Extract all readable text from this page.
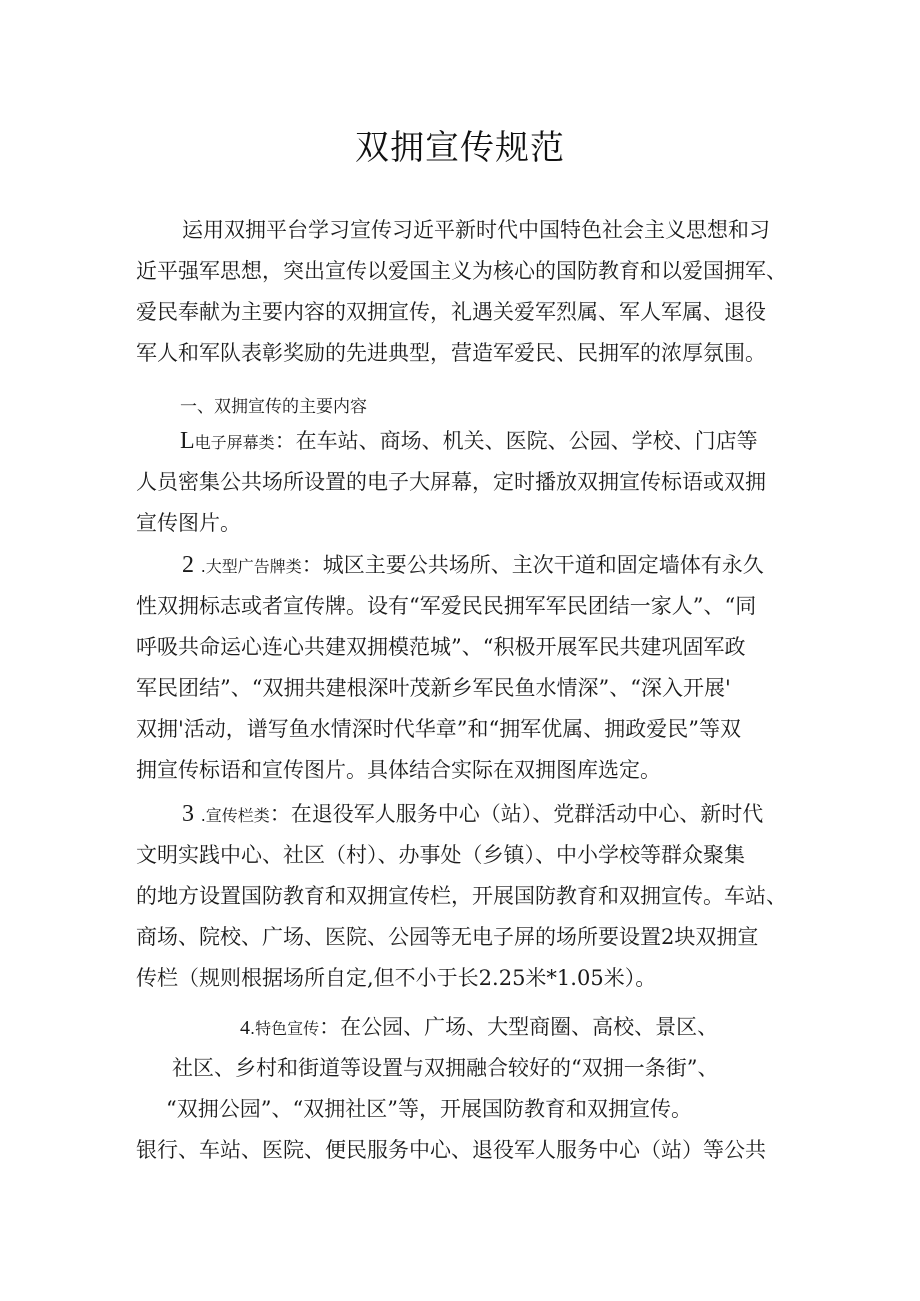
双拥宣传规范
运用双拥平台学习宣传习近平新时代中国特色社会主义思想和习
近平强军思想，突出宣传以爱国主义为核心的国防教育和以爱国拥军、
爱民奉献为主要内容的双拥宣传，礼遇关爱军烈属、军人军属、退役
军人和军队表彰奖励的先进典型，营造军爱民、民拥军的浓厚氛围。
一、双拥宣传的主要内容
L电子屏幕类：在车站、商场、机关、医院、公园、学校、门店等
人员密集公共场所设置的电子大屏幕，定时播放双拥宣传标语或双拥
宣传图片。
2 .大型广告牌类：城区主要公共场所、主次干道和固定墙体有永久
性双拥标志或者宣传牌。设有“军爱民民拥军军民团结一家人”、“同
呼吸共命运心连心共建双拥模范城”、“积极开展军民共建巩固军政
军民团结”、“双拥共建根深叶茂新乡军民鱼水情深”、“深入开展'
双拥'活动，谱写鱼水情深时代华章”和“拥军优属、拥政爱民”等双
拥宣传标语和宣传图片。具体结合实际在双拥图库选定。
3 .宣传栏类：在退役军人服务中心（站）、党群活动中心、新时代
文明实践中心、社区（村）、办事处（乡镇）、中小学校等群众聚集
的地方设置国防教育和双拥宣传栏，开展国防教育和双拥宣传。车站、
商场、院校、广场、医院、公园等无电子屏的场所要设置2块双拥宣
传栏（规则根据场所自定,但不小于长2.25米*1.05米）。
4.特色宣传：在公园、广场、大型商圈、高校、景区、
社区、乡村和街道等设置与双拥融合较好的“双拥一条街”、
“双拥公园”、“双拥社区”等，开展国防教育和双拥宣传。
银行、车站、医院、便民服务中心、退役军人服务中心（站）等公共
